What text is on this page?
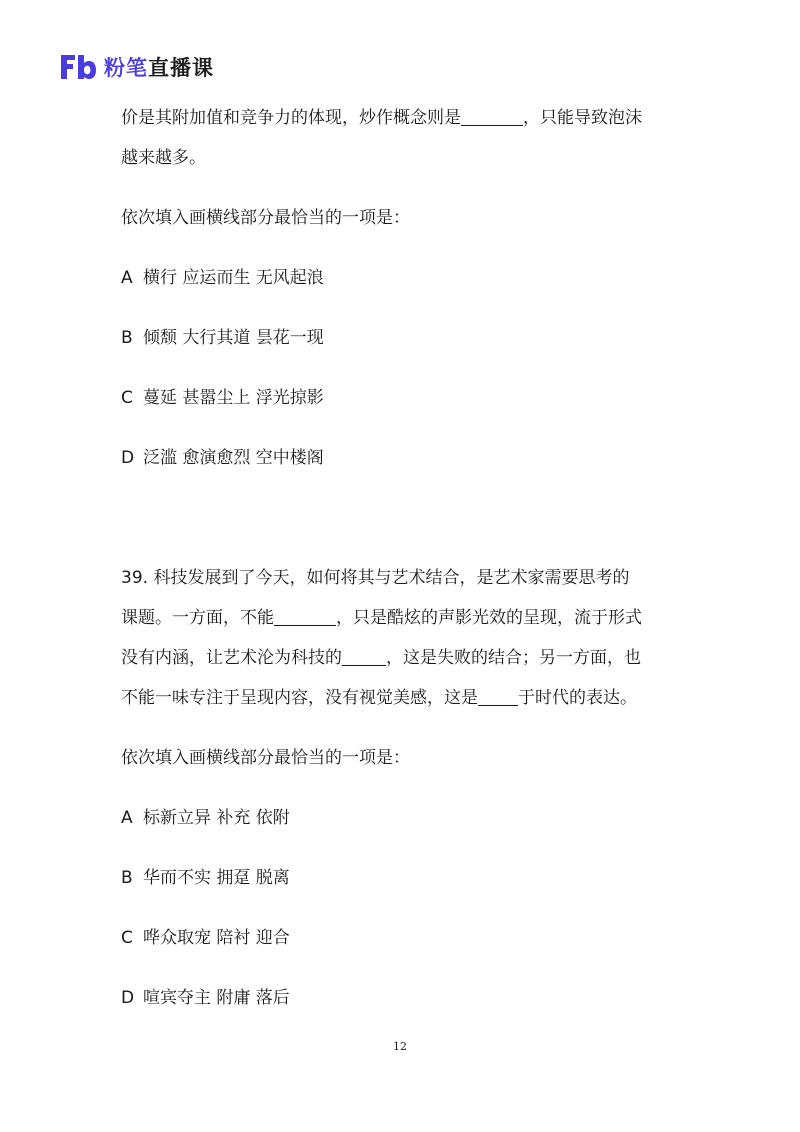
粉笔直播课

价是其附加值和竞争力的体现，炒作概念则是	，只能导致泡沫

越来越多。

依次填入画横线部分最恰当的一项是：

A 横行 应运而生 无风起浪

B 倾颓 大行其道 昙花一现

C 蔓延 甚嚣尘上 浮光掠影

D 泛滥 愈演愈烈 空中楼阁

39. 科技发展到了今天，如何将其与艺术结合，是艺术家需要思考的

课题。一方面，不能	，只是酷炫的声影光效的呈现，流于形式

没有内涵，让艺术沦为科技的	，这是失败的结合；另一方面，也

不能一味专注于呈现内容，没有视觉美感，这是 于时代的表达。

依次填入画横线部分最恰当的一项是：

A 标新立异 补充 依附

B 华而不实 拥趸 脱离

C 哗众取宠 陪衬 迎合

D 喧宾夺主 附庸 落后

12
